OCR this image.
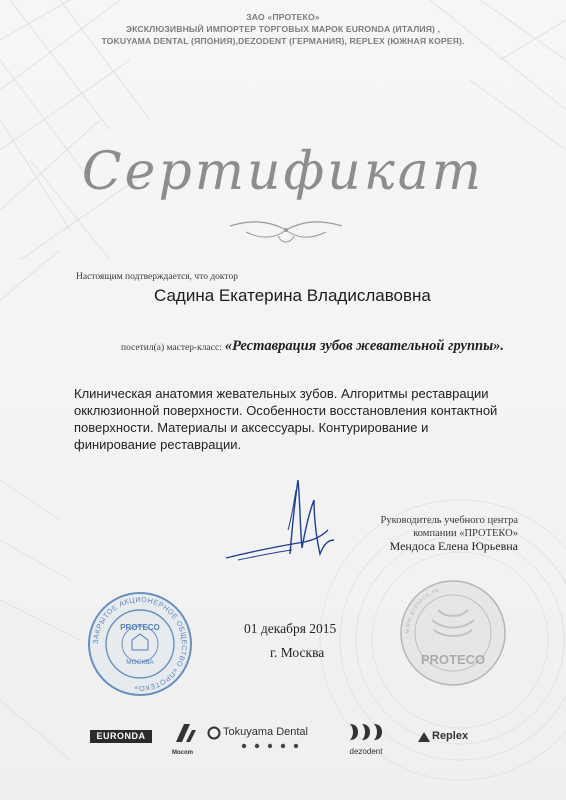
ЗАО «ПРОТЕКО»
ЭКСКЛЮЗИВНЫЙ ИМПОРТЕР ТОРГОВЫХ МАРОК EURONDA (ИТАЛИЯ) ,
TOKUYAMA DENTAL (ЯПОНИЯ),DEZODENT (ГЕРМАНИЯ), REPLEX (ЮЖНАЯ КОРЕЯ).
Сертификат
Настоящим подтверждается, что доктор
Садина Екатерина Владиславовна
посетил(а) мастер-класс: «Реставрация зубов жевательной группы».
Клиническая анатомия жевательных зубов. Алгоритмы реставрации окклюзионной поверхности. Особенности восстановления контактной поверхности. Материалы и аксессуары. Контурирование и финирование реставрации.
Руководитель учебного центра
компании «ПРОТЕКО»
Мендоса Елена Юрьевна
ЗАКРЫТОЕ АКЦИОНЕРНОЕ ОБЩЕСТВО «ПРОТЕКО»
PROTECO
МОСКВА
01 декабря 2015
г. Москва
www.proteco.ru
PROTECO
EURONDA
Mocom
Tokuyama Dental
dezodent
Replex
